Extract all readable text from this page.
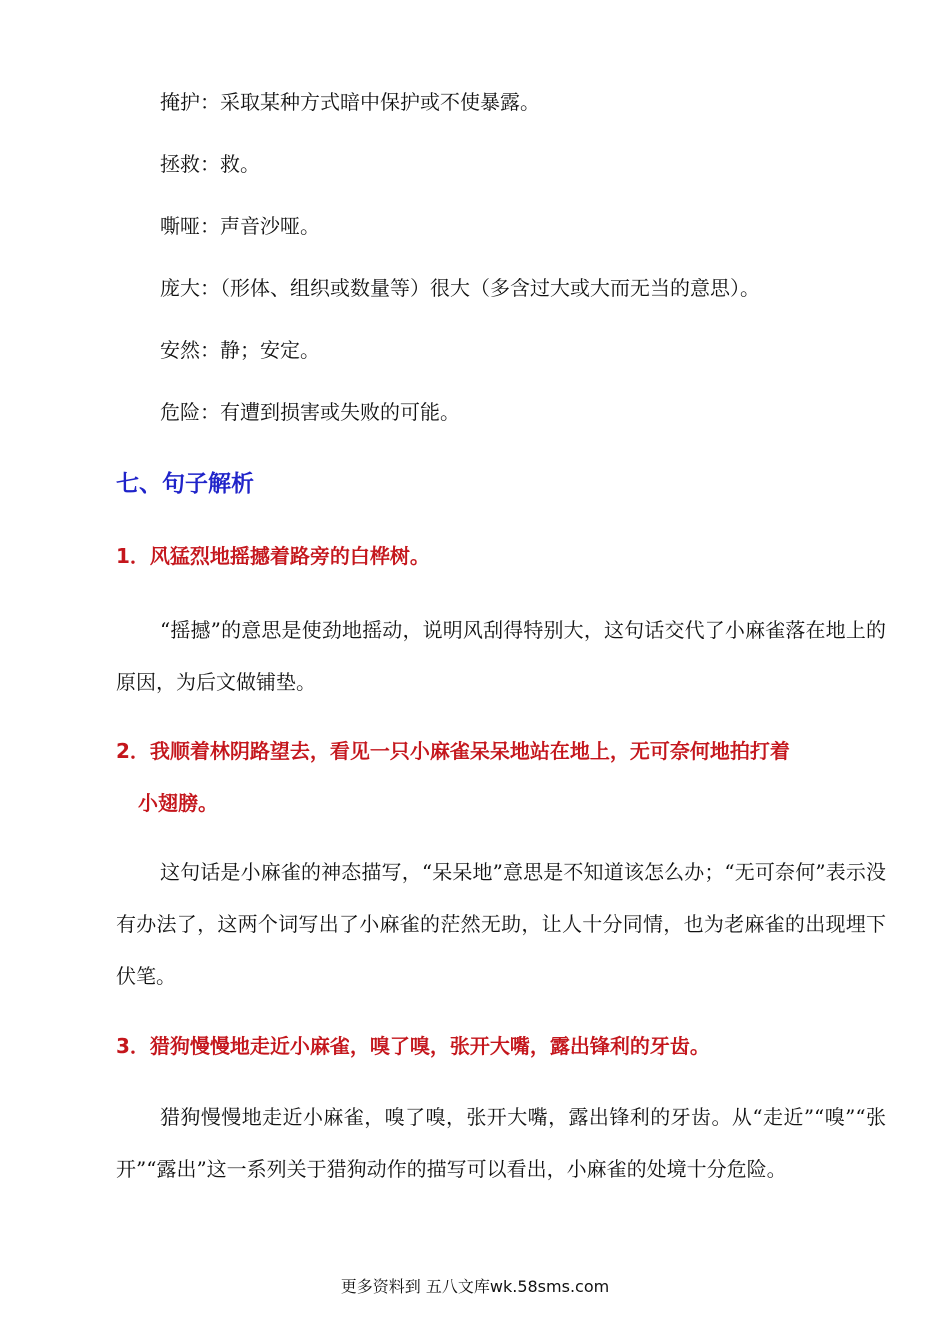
掩护：采取某种方式暗中保护或不使暴露。
拯救：救。
嘶哑：声音沙哑。
庞大：（形体、组织或数量等）很大（多含过大或大而无当的意思）。
安然：静；安定。
危险：有遭到损害或失败的可能。
七、句子解析
1．风猛烈地摇撼着路旁的白桦树。
“摇撼”的意思是使劲地摇动，说明风刮得特别大，这句话交代了小麻雀落在地上的原因，为后文做铺垫。
2．我顺着林阴路望去，看见一只小麻雀呆呆地站在地上，无可奈何地拍打着
小翅膀。
这句话是小麻雀的神态描写，“呆呆地”意思是不知道该怎么办；“无可奈何”表示没有办法了，这两个词写出了小麻雀的茫然无助，让人十分同情，也为老麻雀的出现埋下伏笔。
3．猎狗慢慢地走近小麻雀，嗅了嗅，张开大嘴，露出锋利的牙齿。
猎狗慢慢地走近小麻雀，嗅了嗅，张开大嘴，露出锋利的牙齿。从“走近”“嗅”“张开”“露出”这一系列关于猎狗动作的描写可以看出，小麻雀的处境十分危险。
更多资料到 五八文库wk.58sms.com
